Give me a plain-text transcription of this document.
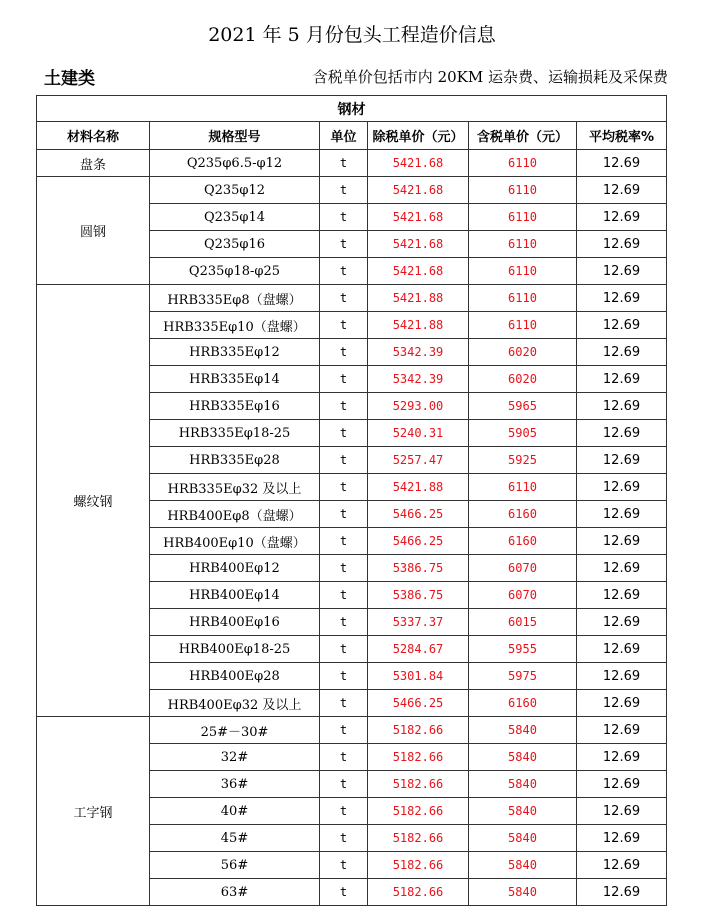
2021 年 5 月份包头工程造价信息
土建类	含税单价包括市内 20KM 运杂费、运输损耗及采保费
钢材					
材料名称	规格型号	单位	除税单价（元）	含税单价（元）	平均税率%
盘条	Q235φ6.5-φ12	t	5421.68	6110	12.69
圆钢	Q235φ12	t	5421.68	6110	12.69
	Q235φ14	t	5421.68	6110	12.69
	Q235φ16	t	5421.68	6110	12.69
	Q235φ18-φ25	t	5421.68	6110	12.69
螺纹钢	HRB335Eφ8（盘螺）	t	5421.88	6110	12.69
	HRB335Eφ10（盘螺）	t	5421.88	6110	12.69
	HRB335Eφ12	t	5342.39	6020	12.69
	HRB335Eφ14	t	5342.39	6020	12.69
	HRB335Eφ16	t	5293.00	5965	12.69
	HRB335Eφ18-25	t	5240.31	5905	12.69
	HRB335Eφ28	t	5257.47	5925	12.69
	HRB335Eφ32 及以上	t	5421.88	6110	12.69
	HRB400Eφ8（盘螺）	t	5466.25	6160	12.69
	HRB400Eφ10（盘螺）	t	5466.25	6160	12.69
	HRB400Eφ12	t	5386.75	6070	12.69
	HRB400Eφ14	t	5386.75	6070	12.69
	HRB400Eφ16	t	5337.37	6015	12.69
	HRB400Eφ18-25	t	5284.67	5955	12.69
	HRB400Eφ28	t	5301.84	5975	12.69
	HRB400Eφ32 及以上	t	5466.25	6160	12.69
工字钢	25#－30#	t	5182.66	5840	12.69
	32#	t	5182.66	5840	12.69
	36#	t	5182.66	5840	12.69
	40#	t	5182.66	5840	12.69
	45#	t	5182.66	5840	12.69
	56#	t	5182.66	5840	12.69
	63#	t	5182.66	5840	12.69
